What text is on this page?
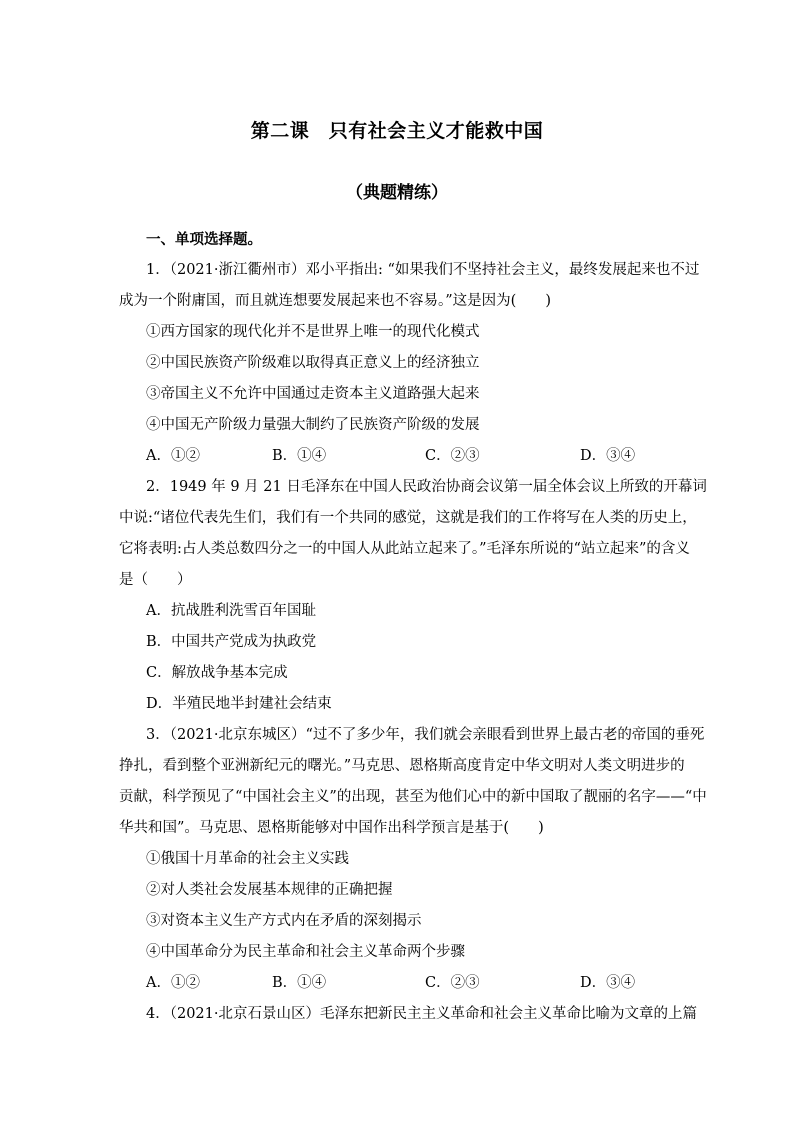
第二课　只有社会主义才能救中国
（典题精练）
一、单项选择题。
1．（2021·浙江衢州市）邓小平指出: “如果我们不坚持社会主义，最终发展起来也不过
成为一个附庸国，而且就连想要发展起来也不容易。”这是因为(　　)
①西方国家的现代化并不是世界上唯一的现代化模式
②中国民族资产阶级难以取得真正意义上的经济独立
③帝国主义不允许中国通过走资本主义道路强大起来
④中国无产阶级力量强大制约了民族资产阶级的发展
A．①②	B．①④	C．②③	D．③④
2．1949 年 9 月 21 日毛泽东在中国人民政治协商会议第一届全体会议上所致的开幕词
中说:“诸位代表先生们，我们有一个共同的感觉，这就是我们的工作将写在人类的历史上，
它将表明:占人类总数四分之一的中国人从此站立起来了。”毛泽东所说的“站立起来”的含义
是（　　）
A．抗战胜利洗雪百年国耻
B．中国共产党成为执政党
C．解放战争基本完成
D．半殖民地半封建社会结束
3．（2021·北京东城区）“过不了多少年，我们就会亲眼看到世界上最古老的帝国的垂死
挣扎，看到整个亚洲新纪元的曙光。”马克思、恩格斯高度肯定中华文明对人类文明进步的
贡献，科学预见了“中国社会主义”的出现，甚至为他们心中的新中国取了靓丽的名字——“中
华共和国”。马克思、恩格斯能够对中国作出科学预言是基于(　　)
①俄国十月革命的社会主义实践
②对人类社会发展基本规律的正确把握
③对资本主义生产方式内在矛盾的深刻揭示
④中国革命分为民主革命和社会主义革命两个步骤
A．①②	B．①④	C．②③	D．③④
4．（2021·北京石景山区）毛泽东把新民主主义革命和社会主义革命比喻为文章的上篇
